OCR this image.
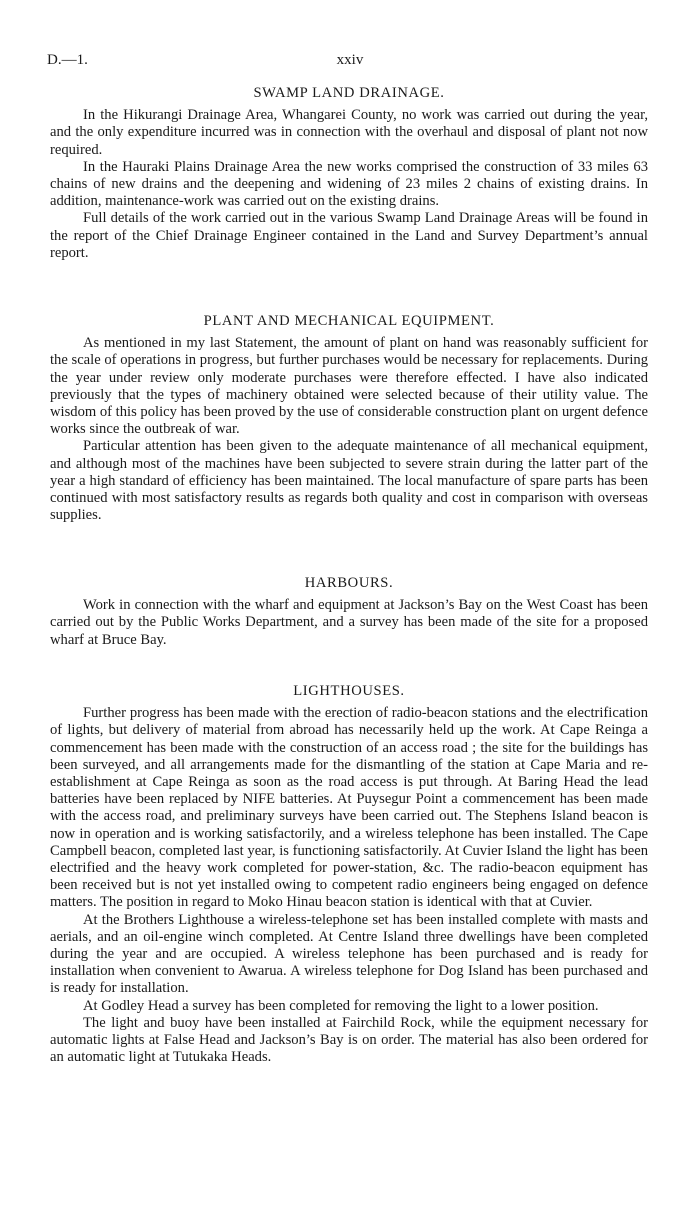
D.—1.	xxiv
SWAMP LAND DRAINAGE.

In the Hikurangi Drainage Area, Whangarei County, no work was carried out during the year, and the only expenditure incurred was in connection with the overhaul and disposal of plant not now required.

In the Hauraki Plains Drainage Area the new works comprised the construction of 33 miles 63 chains of new drains and the deepening and widening of 23 miles 2 chains of existing drains. In addition, maintenance-work was carried out on the existing drains.

Full details of the work carried out in the various Swamp Land Drainage Areas will be found in the report of the Chief Drainage Engineer contained in the Land and Survey Department’s annual report.

PLANT AND MECHANICAL EQUIPMENT.

As mentioned in my last Statement, the amount of plant on hand was reasonably sufficient for the scale of operations in progress, but further purchases would be necessary for replacements. During the year under review only moderate purchases were therefore effected. I have also indicated previously that the types of machinery obtained were selected because of their utility value. The wisdom of this policy has been proved by the use of considerable construction plant on urgent defence works since the outbreak of war.

Particular attention has been given to the adequate maintenance of all mechanical equipment, and although most of the machines have been subjected to severe strain during the latter part of the year a high standard of efficiency has been maintained. The local manufacture of spare parts has been continued with most satisfactory results as regards both quality and cost in comparison with overseas supplies.

HARBOURS.

Work in connection with the wharf and equipment at Jackson’s Bay on the West Coast has been carried out by the Public Works Department, and a survey has been made of the site for a proposed wharf at Bruce Bay.

LIGHTHOUSES.

Further progress has been made with the erection of radio-beacon stations and the electrification of lights, but delivery of material from abroad has necessarily held up the work. At Cape Reinga a commencement has been made with the construction of an access road ; the site for the buildings has been surveyed, and all arrangements made for the dismantling of the station at Cape Maria and re-establishment at Cape Reinga as soon as the road access is put through. At Baring Head the lead batteries have been replaced by NIFE batteries. At Puysegur Point a commencement has been made with the access road, and preliminary surveys have been carried out. The Stephens Island beacon is now in operation and is working satisfactorily, and a wireless telephone has been installed. The Cape Campbell beacon, completed last year, is functioning satisfactorily. At Cuvier Island the light has been electrified and the heavy work completed for power-station, &c. The radio-beacon equipment has been received but is not yet installed owing to competent radio engineers being engaged on defence matters. The position in regard to Moko Hinau beacon station is identical with that at Cuvier.

At the Brothers Lighthouse a wireless-telephone set has been installed complete with masts and aerials, and an oil-engine winch completed. At Centre Island three dwellings have been completed during the year and are occupied. A wireless telephone has been purchased and is ready for installation when convenient to Awarua. A wireless telephone for Dog Island has been purchased and is ready for installation.

At Godley Head a survey has been completed for removing the light to a lower position.

The light and buoy have been installed at Fairchild Rock, while the equipment necessary for automatic lights at False Head and Jackson’s Bay is on order. The material has also been ordered for an automatic light at Tutukaka Heads.
